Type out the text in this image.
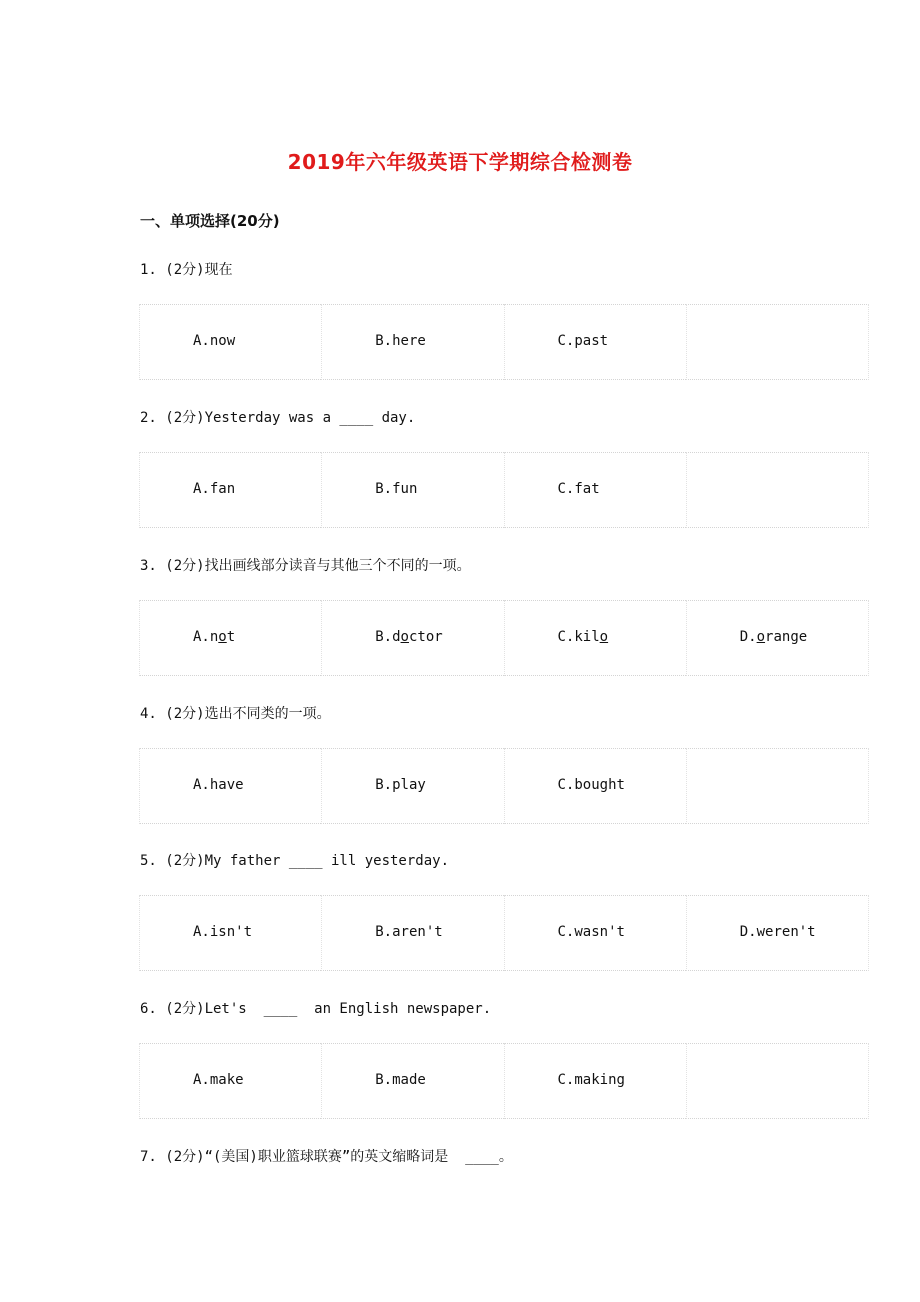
2019年六年级英语下学期综合检测卷
一、单项选择(20分)
1. (2分)现在
A.now	B.here	C.past
2. (2分)Yesterday was a ____ day.
A.fan	B.fun	C.fat
3. (2分)找出画线部分读音与其他三个不同的一项。
A.not	B.doctor	C.kilo	D.orange
4. (2分)选出不同类的一项。
A.have	B.play	C.bought
5. (2分)My father ____ ill yesterday.
A.isn't	B.aren't	C.wasn't	D.weren't
6. (2分)Let's  ____  an English newspaper.
A.make	B.made	C.making
7. (2分)“(美国)职业篮球联赛”的英文缩略词是  ____。
